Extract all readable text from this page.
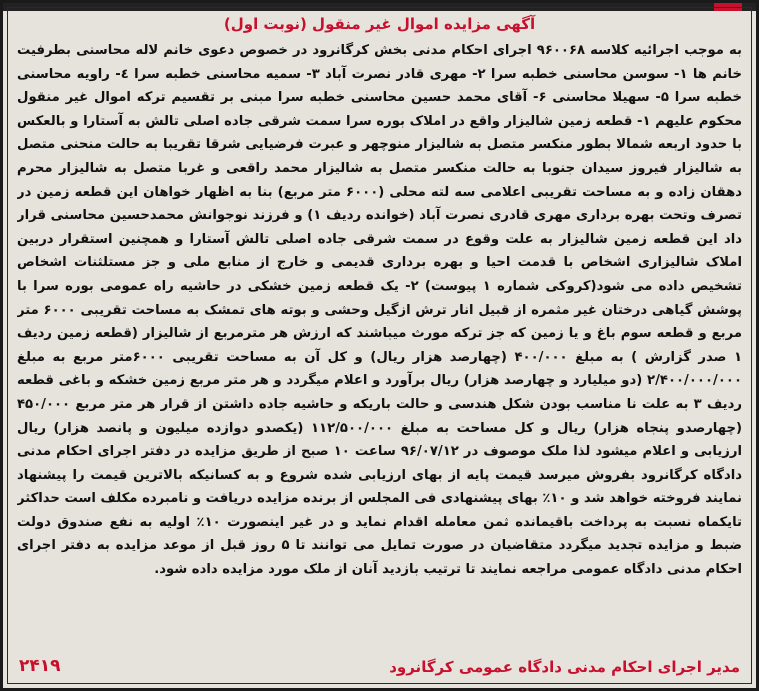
آگهی مزایده اموال غیر منقول (نوبت اول)

به موجب اجرائیه کلاسه ۹۶۰۰۶۸ اجرای احکام مدنی بخش کرگانرود در خصوص دعوی خانم لاله محاسنی بطرفیت خانم ها ۱- سوسن محاسنی خطبه سرا ۲- مهری قادر نصرت آباد ۳- سمیه محاسنی خطبه سرا ٤- راویه محاسنی خطبه سرا ۵- سهیلا محاسنی ۶- آقای محمد حسین محاسنی خطبه سرا مبنی بر تقسیم ترکه اموال غیر منقول محکوم علیهم ۱- قطعه زمین شالیزار واقع در املاک بوره سرا سمت شرقی جاده اصلی تالش به آستارا و بالعکس با حدود اربعه شمالا بطور منکسر متصل به شالیزار منوچهر و عبرت فرضیایی شرقا تقریبا به حالت منحنی متصل به شالیزار فیروز سیدان جنوبا به حالت منکسر متصل به شالیزار محمد راقعی و غربا متصل به شالیزار محرم دهقان زاده و به مساحت تقریبی اعلامی سه لته محلی (۶۰۰۰ متر مربع) بنا به اظهار خواهان این قطعه زمین در تصرف وتحت بهره برداری مهری قادری نصرت آباد (خوانده ردیف ۱) و فرزند نوجوانش محمدحسین محاسنی قرار داد این قطعه زمین شالیزار به علت وقوع در سمت شرقی جاده اصلی تالش آستارا و همچنین استقرار دربین املاک شالیزاری اشخاص با قدمت احیا و بهره برداری قدیمی و خارج از منابع ملی و جز مستلثنات اشخاص تشخیص داده می شود(کروکی شماره ۱ پیوست) ۲- یک قطعه زمین خشکی در حاشیه راه عمومی بوره سرا با پوشش گیاهی درختان غیر مثمره از قبیل انار ترش ازگیل وحشی و بوته های تمشک به مساحت تقریبی ۶۰۰۰ متر مربع و قطعه سوم باغ و یا زمین که جز ترکه مورث میباشند که ارزش هر مترمربع از شالیزار (قطعه زمین ردیف ۱ صدر گزارش ) به مبلغ ۴۰۰/۰۰۰ (چهارصد هزار ریال) و کل آن به مساحت تقریبی ۶۰۰۰متر مربع به مبلغ ۲/۴۰۰/۰۰۰/۰۰۰ (دو میلیارد و چهارصد هزار) ریال برآورد و اعلام میگردد و هر متر مربع زمین خشکه و باغی قطعه ردیف ۳ به علت نا مناسب بودن شکل هندسی و حالت باریکه و حاشیه جاده داشتن از قرار هر متر مربع ۴۵۰/۰۰۰ (چهارصدو پنجاه هزار) ریال و کل مساحت به مبلغ ۱۱۲/۵۰۰/۰۰۰ (یکصدو دوازده میلیون و پانصد هزار) ریال ارزیابی و اعلام میشود لذا ملک موصوف در ۹۶/۰۷/۱۲ ساعت ۱۰ صبح از طریق مزایده در دفتر اجرای احکام مدنی دادگاه کرگانرود بفروش میرسد قیمت پایه از بهای ارزیابی شده شروع و به کسانیکه بالاترین قیمت را پیشنهاد نمایند فروخته خواهد شد و ۱۰٪ بهای پیشنهادی فی المجلس از برنده مزایده دریافت و نامبرده مکلف است حداکثر تایکماه نسبت به پرداخت باقیمانده ثمن معامله اقدام نماید و در غیر اینصورت ۱۰٪ اولیه به نفع صندوق دولت ضبط و مزایده تجدید میگردد متقاضیان در صورت تمایل می توانند تا ۵ روز قبل از موعد مزایده به دفتر اجرای احکام مدنی دادگاه عمومی مراجعه نمایند تا ترتیب بازدید آنان از ملک مورد مزایده داده شود.

۲۴۱۹	مدیر اجرای احکام مدنی دادگاه عمومی کرگانرود
